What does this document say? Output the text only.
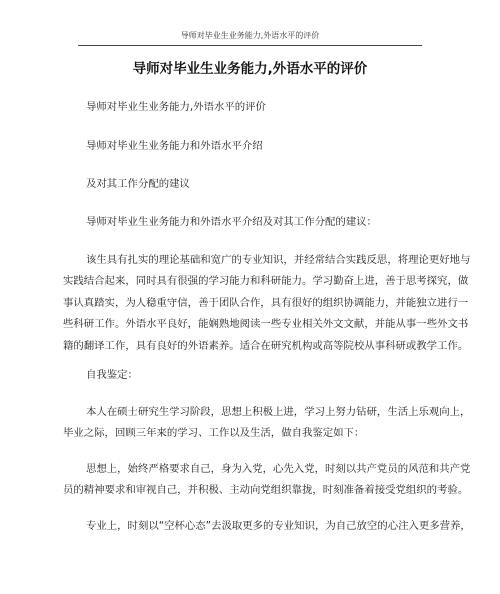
导师对毕业生业务能力,外语水平的评价
导师对毕业生业务能力,外语水平的评价
导师对毕业生业务能力,外语水平的评价
导师对毕业生业务能力和外语水平介绍
及对其工作分配的建议
导师对毕业生业务能力和外语水平介绍及对其工作分配的建议：
该生具有扎实的理论基础和宽广的专业知识，并经常结合实践反思，将理论更好地与
实践结合起来，同时具有很强的学习能力和科研能力。学习勤奋上进，善于思考探究，做
事认真踏实，为人稳重守信，善于团队合作，具有很好的组织协调能力，并能独立进行一
些科研工作。外语水平良好，能娴熟地阅读一些专业相关外文文献，并能从事一些外文书
籍的翻译工作，具有良好的外语素养。适合在研究机构或高等院校从事科研或教学工作。
自我鉴定：
本人在硕士研究生学习阶段，思想上积极上进，学习上努力钻研，生活上乐观向上，
毕业之际，回顾三年来的学习、工作以及生活，做自我鉴定如下：
思想上，始终严格要求自己，身为入党，心先入党，时刻以共产党员的风范和共产党
员的精神要求和审视自己，并积极、主动向党组织靠拢，时刻准备着接受党组织的考验。
专业上，时刻以“空杯心态”去汲取更多的专业知识，为自己放空的心注入更多营养，
